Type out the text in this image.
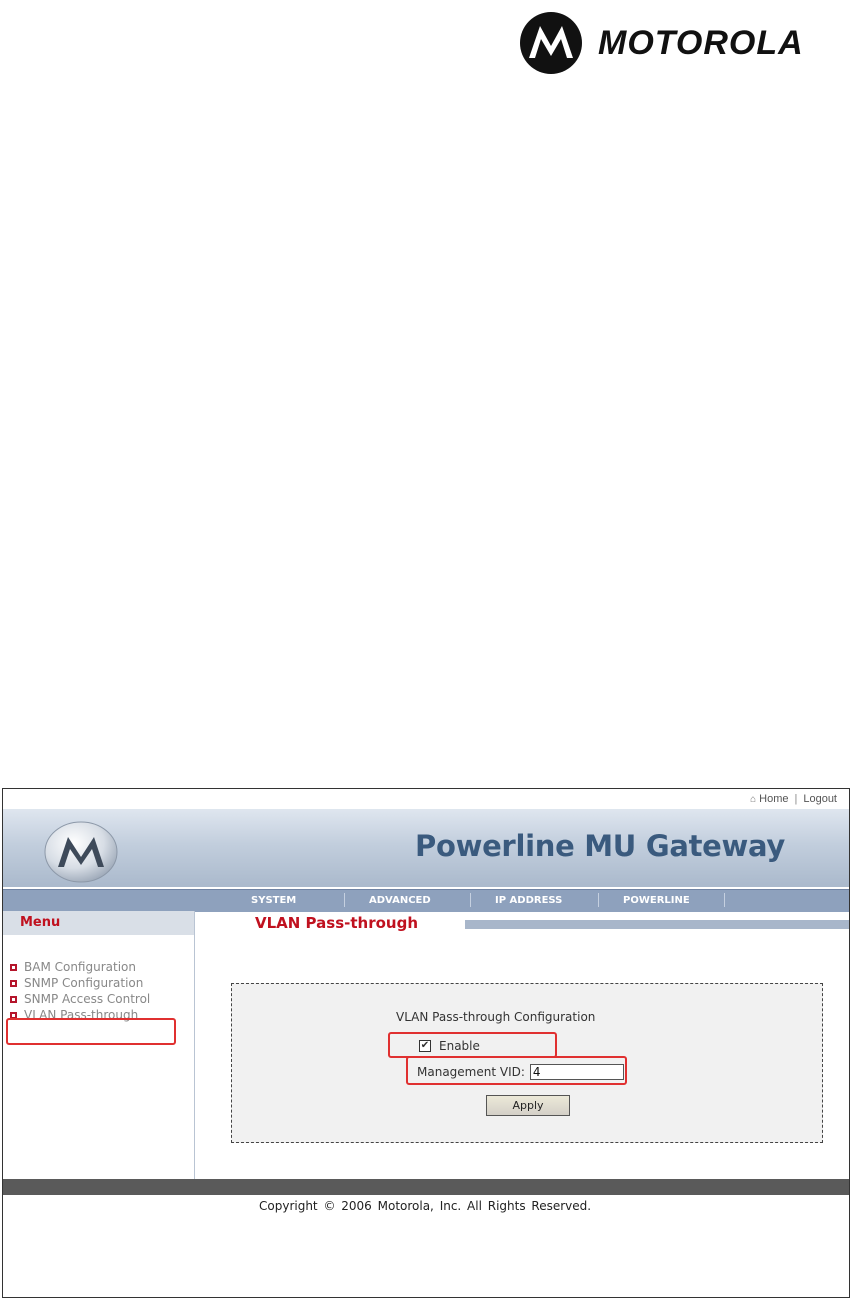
MOTOROLA
⌂ Home | Logout
Powerline MU Gateway
SYSTEM	ADVANCED	IP ADDRESS	POWERLINE
Menu
BAM Configuration
SNMP Configuration
SNMP Access Control
VLAN Pass-through
VLAN Pass-through
VLAN Pass-through Configuration
✔ Enable
Management VID: 4
Apply
Copyright © 2006 Motorola, Inc. All Rights Reserved.
